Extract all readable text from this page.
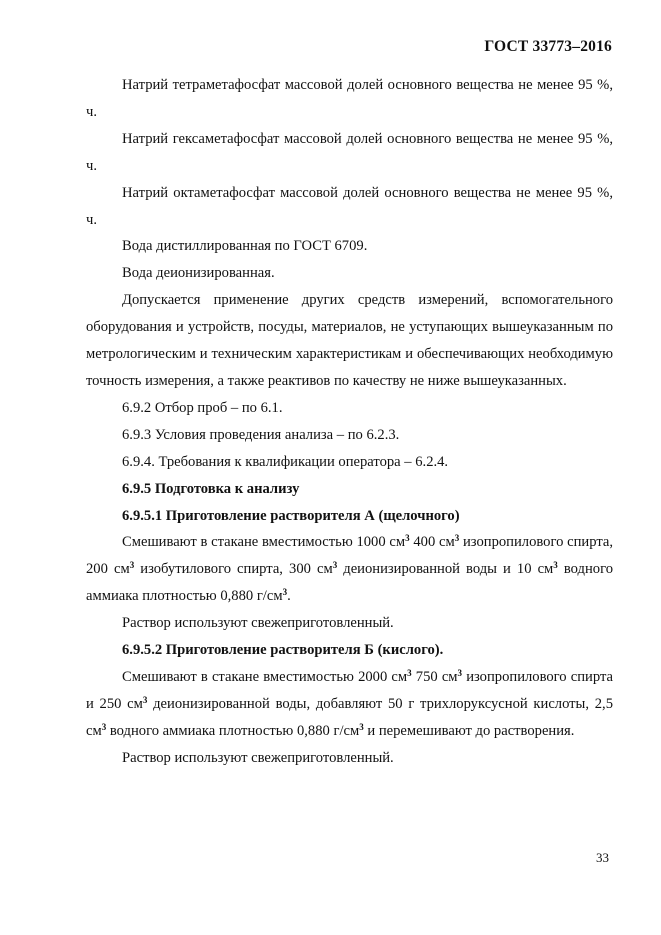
ГОСТ 33773–2016

Натрий тетраметафосфат массовой долей основного вещества не менее 95 %, ч.

Натрий гексаметафосфат массовой долей основного вещества не менее 95 %, ч.

Натрий октаметафосфат массовой долей основного вещества не менее 95 %, ч.

Вода дистиллированная по ГОСТ 6709.

Вода деионизированная.

Допускается применение других средств измерений, вспомогательного оборудования и устройств, посуды, материалов, не уступающих вышеуказанным по метрологическим и техническим характеристикам и обеспечивающих необходимую точность измерения, а также реактивов по качеству не ниже вышеуказанных.

6.9.2 Отбор проб – по 6.1.

6.9.3 Условия проведения анализа – по 6.2.3.

6.9.4. Требования к квалификации оператора – 6.2.4.

6.9.5 Подготовка к анализу

6.9.5.1 Приготовление растворителя А (щелочного)

Смешивают в стакане вместимостью 1000 $см^3$ 400 $см^3$ изопропилового спирта, 200 $см^3$ изобутилового спирта, 300 $см^3$ деионизированной воды и 10 $см^3$ водного аммиака плотностью 0,880 $г/см^3$.

Раствор используют свежеприготовленный.

6.9.5.2 Приготовление растворителя Б (кислого).

Смешивают в стакане вместимостью 2000 $см^3$ 750 $см^3$ изопропилового спирта и 250 $см^3$ деионизированной воды, добавляют 50 г трихлоруксусной кислоты, 2,5 $см^3$ водного аммиака плотностью 0,880 $г/см^3$ и перемешивают до растворения.

Раствор используют свежеприготовленный.

33
